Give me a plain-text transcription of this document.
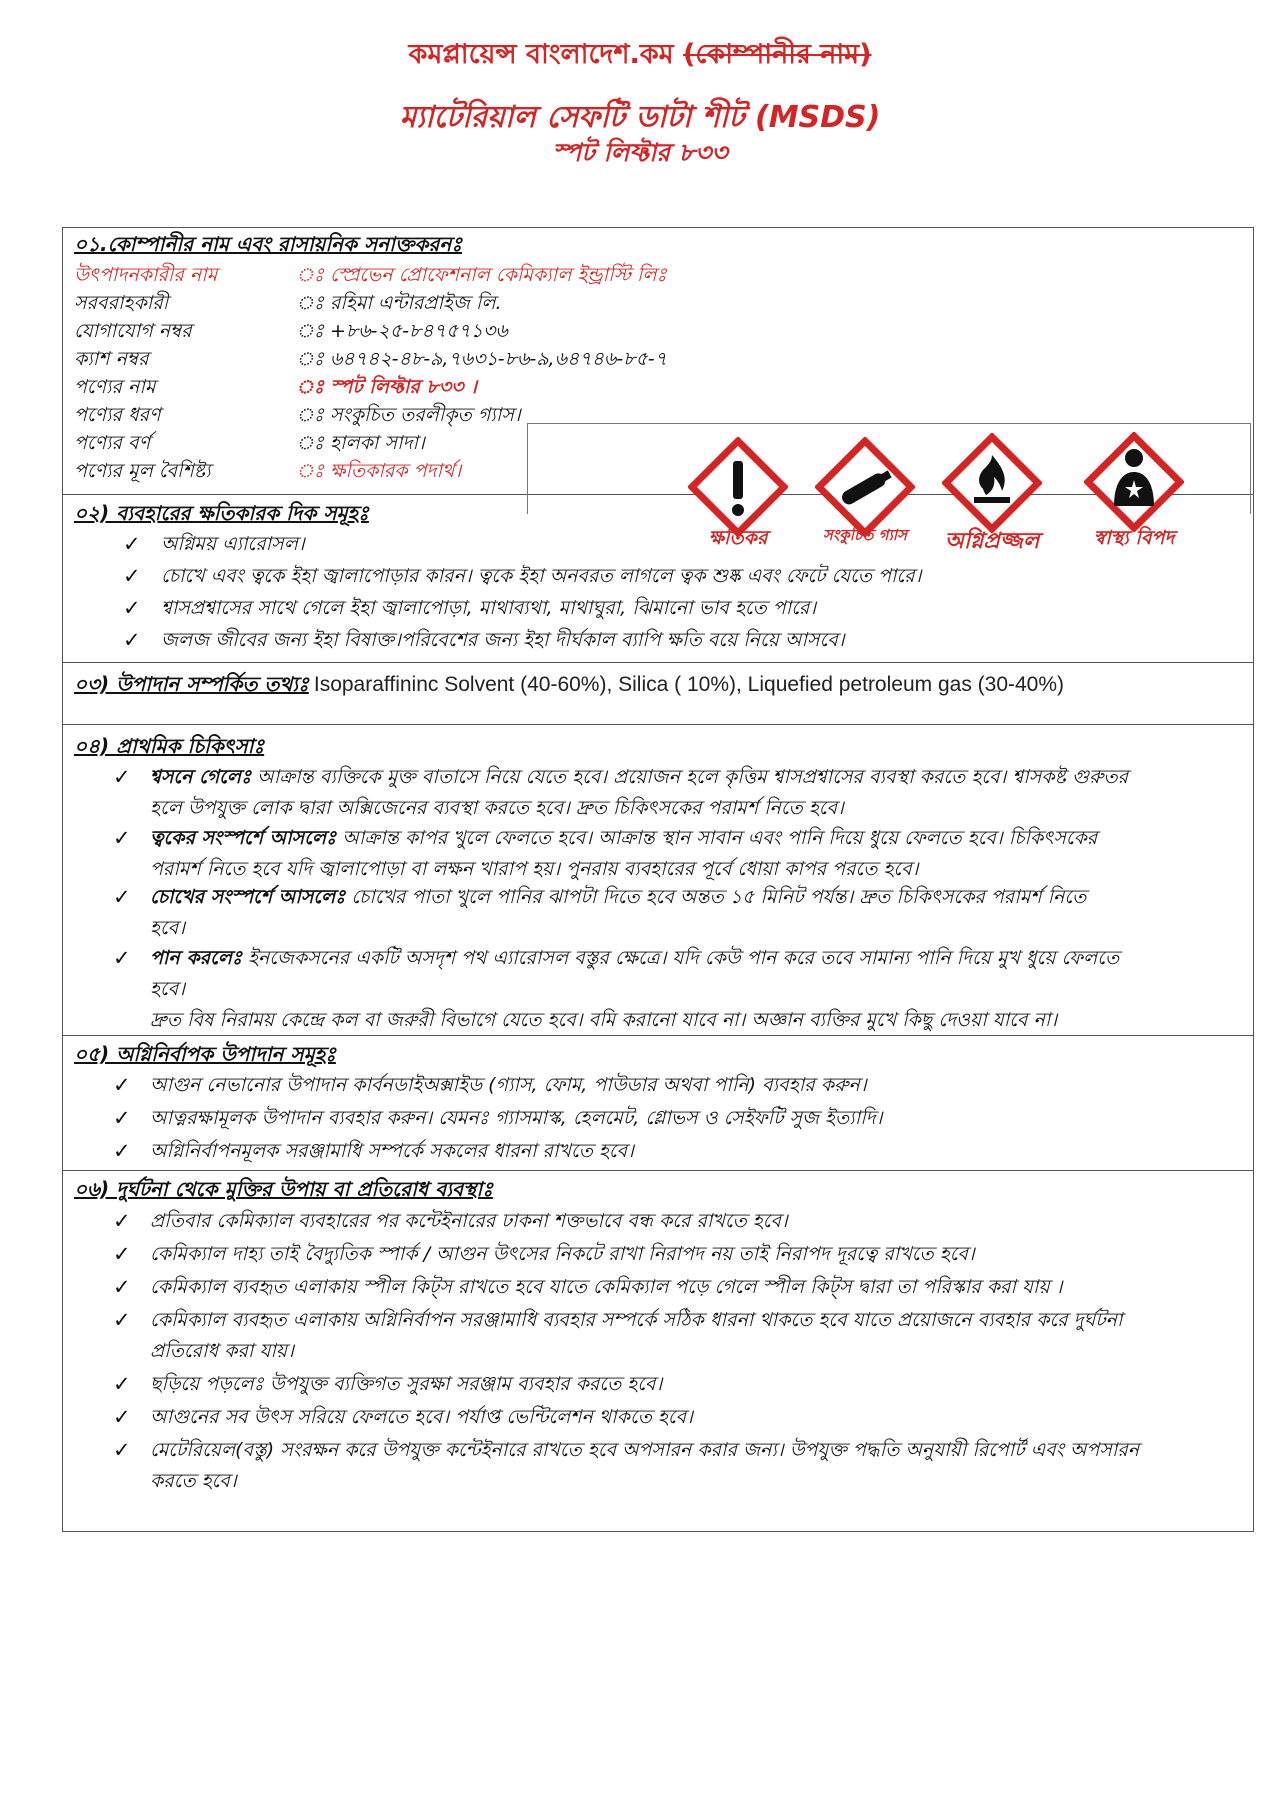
কমপ্লায়েন্স বাংলাদেশ.কম (কোম্পানীর নাম)
ম্যাটেরিয়াল সেফটি ডাটা শীট (MSDS)
স্পট লিফ্টার ৮৩৩
০১.কোম্পানীর নাম এবং রাসায়নিক সনাক্তকরনঃ
উৎপাদনকারীর নাম	ঃ স্প্রেভেন প্রোফেশনাল কেমিক্যাল ইন্ড্রাস্টি লিঃ
সরবরাহকারী	ঃ রহিমা এন্টারপ্রাইজ লি.
যোগাযোগ নম্বর	ঃ +৮৬-২৫-৮৪৭৫৭১৩৬
ক্যাশ নম্বর	ঃ ৬৪৭৪২-৪৮-৯,৭৬৩১-৮৬-৯,৬৪৭৪৬-৮৫-৭
পণ্যের নাম	ঃ স্পট লিফ্টার ৮৩৩ ।
পণ্যের ধরণ	ঃ সংকুচিত তরলীকৃত গ্যাস।
পণ্যের বর্ণ	ঃ হালকা সাদা।
পণ্যের মূল বৈশিষ্ট্য	ঃ ক্ষতিকারক পদার্থ।
০২) ব্যবহারের ক্ষতিকারক দিক সমূহঃ
✓ অগ্নিময় এ্যারোসল।
✓ চোখে এবং ত্বকে ইহা জ্বালাপোড়ার কারন। ত্বকে ইহা অনবরত লাগলে ত্বক শুষ্ক এবং ফেটে যেতে পারে।
✓ শ্বাসপ্রশ্বাসের সাথে গেলে ইহা জ্বালাপোড়া, মাথাব্যথা, মাথাঘুরা, ঝিমানো ভাব হতে পারে।
✓ জলজ জীবের জন্য ইহা বিষাক্ত।পরিবেশের জন্য ইহা দীর্ঘকাল ব্যাপি ক্ষতি বয়ে নিয়ে আসবে।
০৩) উপাদান সম্পর্কিত তথ্যঃ Isoparaffininc Solvent (40-60%), Silica ( 10%), Liquefied petroleum gas (30-40%)
০৪) প্রাথমিক চিকিৎসাঃ
✓ শ্বসনে গেলেঃ আক্রান্ত ব্যক্তিকে মুক্ত বাতাসে নিয়ে যেতে হবে। প্রয়োজন হলে কৃত্তিম শ্বাসপ্রশ্বাসের ব্যবস্থা করতে হবে। শ্বাসকষ্ট গুরুতর
হলে উপযুক্ত লোক দ্বারা অক্সিজেনের ব্যবস্থা করতে হবে। দ্রুত চিকিৎসকের পরামর্শ নিতে হবে।
✓ ত্বকের সংস্পর্শে আসলেঃ আক্রান্ত কাপর খুলে ফেলতে হবে। আক্রান্ত স্থান সাবান এবং পানি দিয়ে ধুয়ে ফেলতে হবে। চিকিৎসকের
পরামর্শ নিতে হবে যদি জ্বালাপোড়া বা লক্ষন খারাপ হয়। পুনরায় ব্যবহারের পূর্বে ধোয়া কাপর পরতে হবে।
✓ চোখের সংস্পর্শে আসলেঃ চোখের পাতা খুলে পানির ঝাপটা দিতে হবে অন্তত ১৫ মিনিট পর্যন্ত। দ্রুত চিকিৎসকের পরামর্শ নিতে
হবে।
✓ পান করলেঃ ইনজেকসনের একটি অসদৃশ পথ এ্যারোসল বস্তুর ক্ষেত্রে। যদি কেউ পান করে তবে সামান্য পানি দিয়ে মুখ ধুয়ে ফেলতে
হবে।
দ্রুত বিষ নিরাময় কেন্দ্রে কল বা জরুরী বিভাগে যেতে হবে। বমি করানো যাবে না। অজ্ঞান ব্যক্তির মুখে কিছু দেওয়া যাবে না।
০৫) অগ্নিনির্বাপক উপাদান সমূহঃ
✓ আগুন নেভানোর উপাদান কার্বনডাইঅক্সাইড (গ্যাস, ফোম, পাউডার অথবা পানি) ব্যবহার করুন।
✓ আত্নরক্ষামূলক উপাদান ব্যবহার করুন। যেমনঃ গ্যাসমাস্ক, হেলমেট, গ্লোভস ও সেইফটি সুজ ইত্যাদি।
✓ অগ্নিনির্বাপনমূলক সরঞ্জামাধি সম্পর্কে সকলের ধারনা রাখতে হবে।
০৬) দুর্ঘটনা থেকে মুক্তির উপায় বা প্রতিরোধ ব্যবস্থাঃ
✓ প্রতিবার কেমিক্যাল ব্যবহারের পর কন্টেইনারের ঢাকনা শক্তভাবে বন্ধ করে রাখতে হবে।
✓ কেমিক্যাল দাহ্য তাই বৈদ্যুতিক স্পার্ক / আগুন উৎসের নিকটে রাখা নিরাপদ নয় তাই নিরাপদ দূরত্বে রাখতে হবে।
✓ কেমিক্যাল ব্যবহৃত এলাকায় স্পীল কিট্স রাখতে হবে যাতে কেমিক্যাল পড়ে গেলে স্পীল কিট্স দ্বারা তা পরিস্কার করা যায় ।
✓ কেমিক্যাল ব্যবহৃত এলাকায় অগ্নিনির্বাপন সরঞ্জামাধি ব্যবহার সম্পর্কে সঠিক ধারনা থাকতে হবে যাতে প্রয়োজনে ব্যবহার করে দুর্ঘটনা
প্রতিরোধ করা যায়।
✓ ছড়িয়ে পড়লেঃ উপযুক্ত ব্যক্তিগত সুরক্ষা সরঞ্জাম ব্যবহার করতে হবে।
✓ আগুনের সব উৎস সরিয়ে ফেলতে হবে। পর্যাপ্ত ভেন্টিলেশন থাকতে হবে।
✓ মেটেরিয়েল(বস্তু) সংরক্ষন করে উপযুক্ত কন্টেইনারে রাখতে হবে অপসারন করার জন্য। উপযুক্ত পদ্ধতি অনুযায়ী রিপোর্ট এবং অপসারন
করতে হবে।
ক্ষতিকর	সংকুচিত গ্যাস	অগ্নিপ্রজ্জল	স্বাস্থ্য বিপদ
